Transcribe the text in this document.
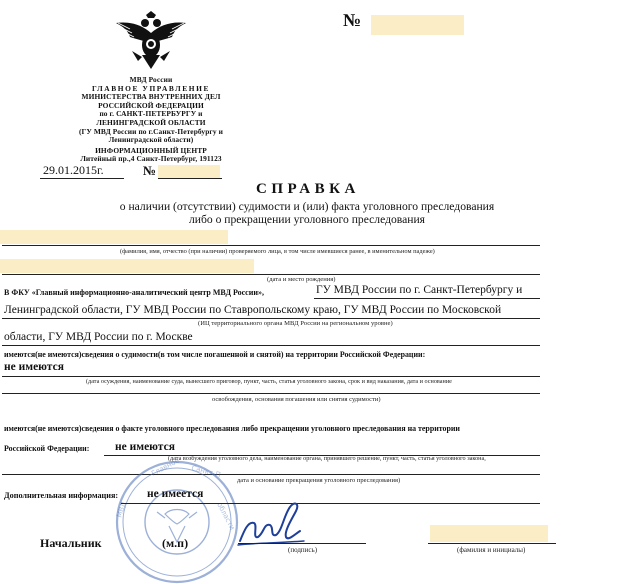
№
МВД России
ГЛАВНОЕ УПРАВЛЕНИЕ
МИНИСТЕРСТВА ВНУТРЕННИХ ДЕЛ
РОССИЙСКОЙ ФЕДЕРАЦИИ
по г. САНКТ-ПЕТЕРБУРГУ и
ЛЕНИНГРАДСКОЙ ОБЛАСТИ
(ГУ МВД России по г.Санкт-Петербургу и
Ленинградской области)
ИНФОРМАЦИОННЫЙ ЦЕНТР
Литейный пр.,4 Санкт-Петербург, 191123
29.01.2015г.	№
СПРАВКА
о наличии (отсутствии) судимости и (или) факта уголовного преследования
либо о прекращении уголовного преследования
(фамилия, имя, отчество (при наличии) проверяемого лица, в том числе имевшиеся ранее, в именительном падеже)
(дата и место рождения)
В ФКУ «Главный информационно-аналитический центр МВД России»,	ГУ МВД России по г. Санкт-Петербургу и
Ленинградской области, ГУ МВД России по Ставропольскому краю, ГУ МВД России по Московской
(ИЦ территориального органа МВД России на региональном уровне)
области, ГУ МВД России по г. Москве
имеются(не имеются)сведения о судимости(в том числе погашенной и снятой) на территории Российской Федерации:
не имеются
(дата осуждения, наименование суда, вынесшего приговор, пункт, часть, статья уголовного закона, срок и вид наказания, дата и основание
освобождения, основания погашения или снятия судимости)
имеются(не имеются)сведения о факте уголовного преследования либо прекращении уголовного преследования на территории
Российской Федерации: не имеются
(дата возбуждения уголовного дела, наименование органа, принявшего решение, пункт, часть, статья уголовного закона,
дата и основание прекращения уголовного преследования)
Главное Санкт-П
МВД	области
Дополнительная информация:	не имеется
Начальник	(м.п)	(подпись)	(фамилия и инициалы)
